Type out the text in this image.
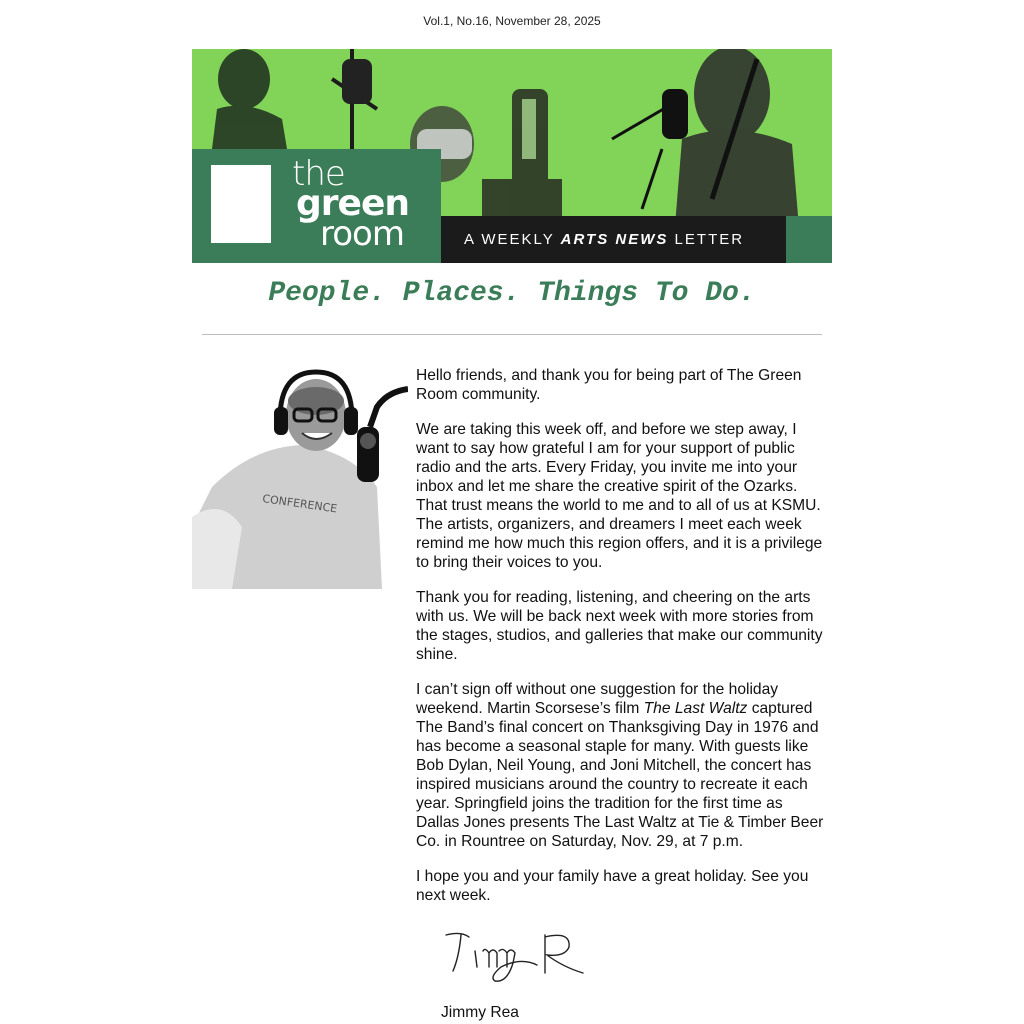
Vol.1, No.16, November 28, 2025
the
green
room	A WEEKLY ARTS NEWS LETTER
People. Places. Things To Do.
CONFERENCE

Hello friends, and thank you for being part of The Green Room community.

We are taking this week off, and before we step away, I want to say how grateful I am for your support of public radio and the arts. Every Friday, you invite me into your inbox and let me share the creative spirit of the Ozarks. That trust means the world to me and to all of us at KSMU. The artists, organizers, and dreamers I meet each week remind me how much this region offers, and it is a privilege to bring their voices to you.

Thank you for reading, listening, and cheering on the arts with us. We will be back next week with more stories from the stages, studios, and galleries that make our community shine.

I can’t sign off without one suggestion for the holiday weekend. Martin Scorsese’s film The Last Waltz captured The Band’s final concert on Thanksgiving Day in 1976 and has become a seasonal staple for many. With guests like Bob Dylan, Neil Young, and Joni Mitchell, the concert has inspired musicians around the country to recreate it each year. Springfield joins the tradition for the first time as Dallas Jones presents The Last Waltz at Tie & Timber Beer Co. in Rountree on Saturday, Nov. 29, at 7 p.m.

I hope you and your family have a great holiday. See you next week.

Jimmy Rea
